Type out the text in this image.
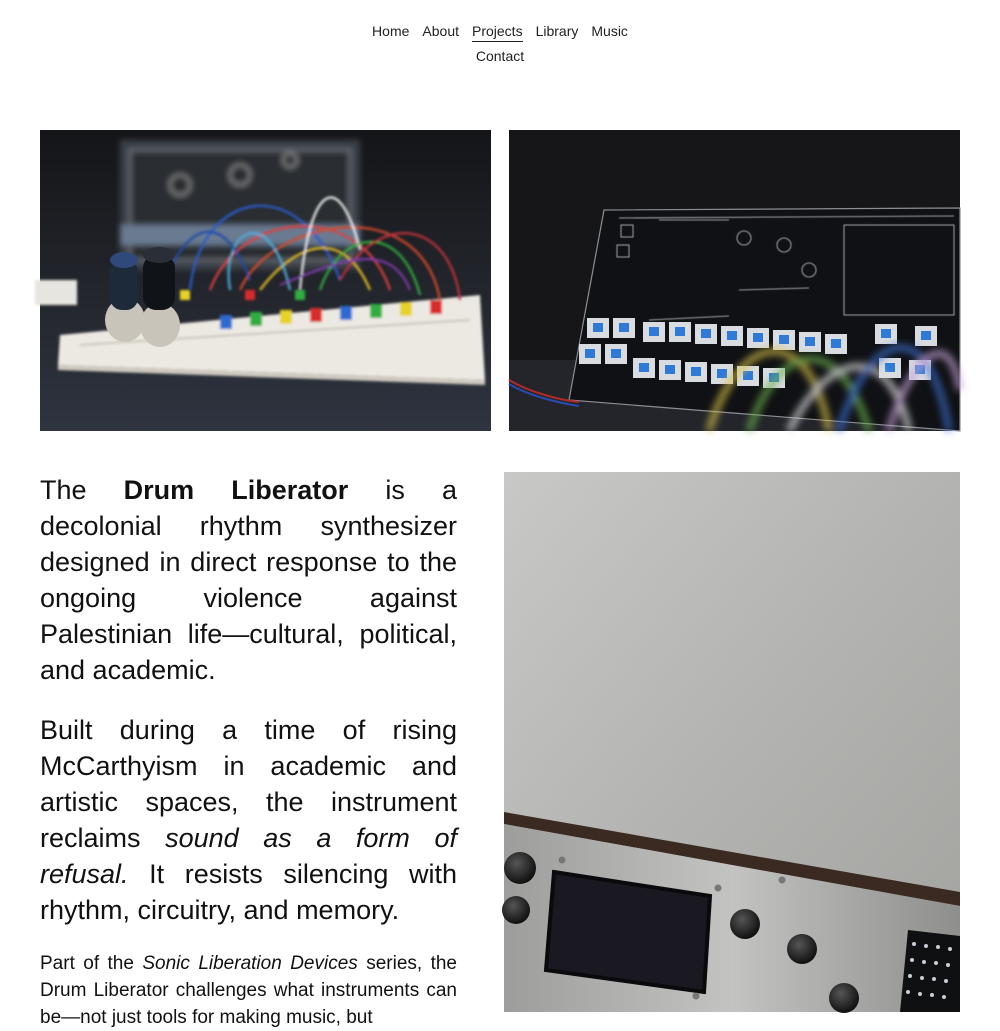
Home About Projects Library Music
Contact

The Drum Liberator is a decolonial rhythm synthesizer designed in direct response to the ongoing violence against Palestinian life—cultural, political, and academic.

Built during a time of rising McCarthyism in academic and artistic spaces, the instrument reclaims sound as a form of refusal. It resists silencing with rhythm, circuitry, and memory.

Part of the Sonic Liberation Devices series, the Drum Liberator challenges what instruments can be—not just tools for making music, but
